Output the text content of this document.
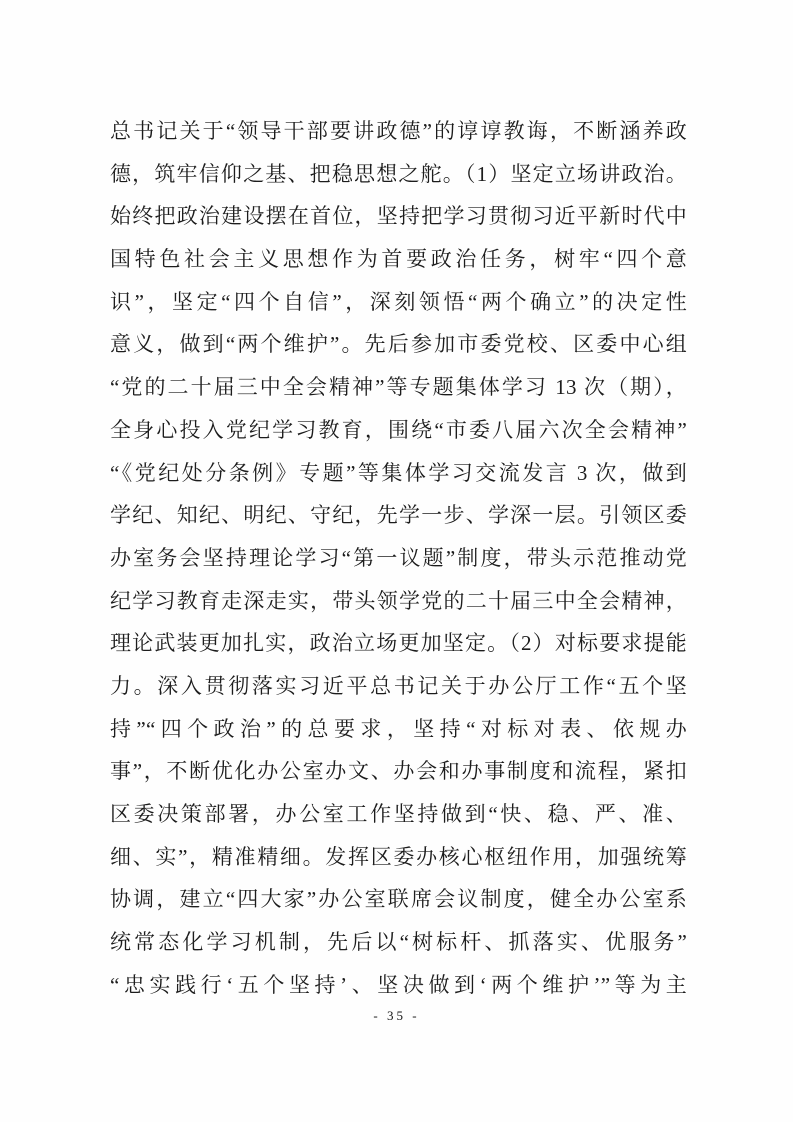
总书记关于“领导干部要讲政德”的谆谆教诲，不断涵养政
德，筑牢信仰之基、把稳思想之舵。（1）坚定立场讲政治。
始终把政治建设摆在首位，坚持把学习贯彻习近平新时代中
国特色社会主义思想作为首要政治任务，树牢“四个意
识”，坚定“四个自信”，深刻领悟“两个确立”的决定性
意义，做到“两个维护”。先后参加市委党校、区委中心组
“党的二十届三中全会精神”等专题集体学习 13 次（期），
全身心投入党纪学习教育，围绕“市委八届六次全会精神”
“《党纪处分条例》专题”等集体学习交流发言 3 次，做到
学纪、知纪、明纪、守纪，先学一步、学深一层。引领区委
办室务会坚持理论学习“第一议题”制度，带头示范推动党
纪学习教育走深走实，带头领学党的二十届三中全会精神，
理论武装更加扎实，政治立场更加坚定。（2）对标要求提能
力。深入贯彻落实习近平总书记关于办公厅工作“五个坚
持”“四个政治”的总要求，坚持“对标对表、依规办
事”，不断优化办公室办文、办会和办事制度和流程，紧扣
区委决策部署，办公室工作坚持做到“快、稳、严、准、
细、实”，精准精细。发挥区委办核心枢纽作用，加强统筹
协调，建立“四大家”办公室联席会议制度，健全办公室系
统常态化学习机制，先后以“树标杆、抓落实、优服务”
“忠实践行‘五个坚持’、坚决做到‘两个维护’”等为主
- 35 -
